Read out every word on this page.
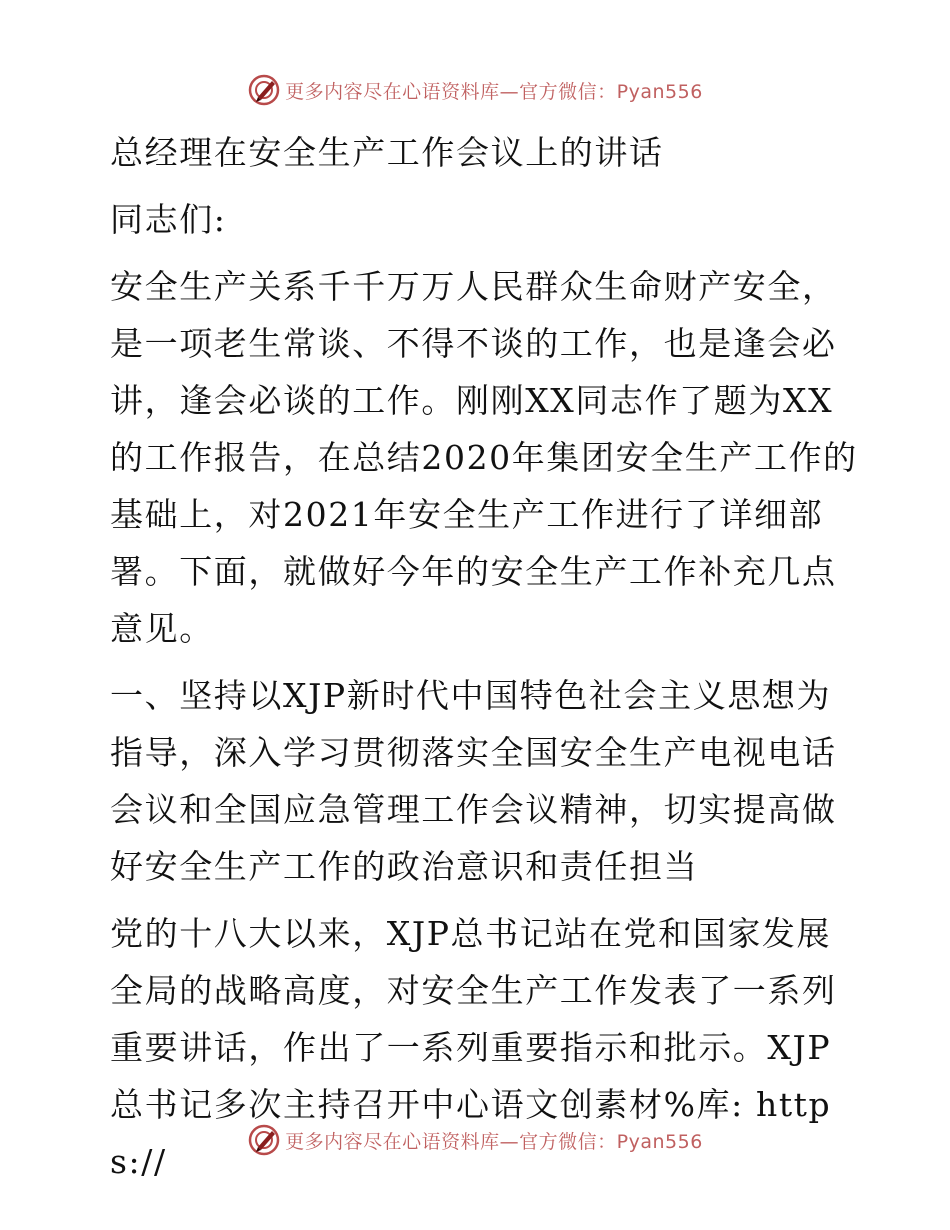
更多内容尽在心语资料库—官方微信：Pyan556

总经理在安全生产工作会议上的讲话

同志们:

安全生产关系千千万万人民群众生命财产安全，是一项老生常谈、不得不谈的工作，也是逢会必讲，逢会必谈的工作。刚刚XX同志作了题为XX的工作报告，在总结2020年集团安全生产工作的基础上，对2021年安全生产工作进行了详细部署。下面，就做好今年的安全生产工作补充几点意见。

一、坚持以XJP新时代中国特色社会主义思想为指导，深入学习贯彻落实全国安全生产电视电话会议和全国应急管理工作会议精神，切实提高做好安全生产工作的政治意识和责任担当

党的十八大以来，XJP总书记站在党和国家发展全局的战略高度，对安全生产工作发表了一系列重要讲话，作出了一系列重要指示和批示。XJP总书记多次主持召开中心语文创素材%库: https://

更多内容尽在心语资料库—官方微信：Pyan556
